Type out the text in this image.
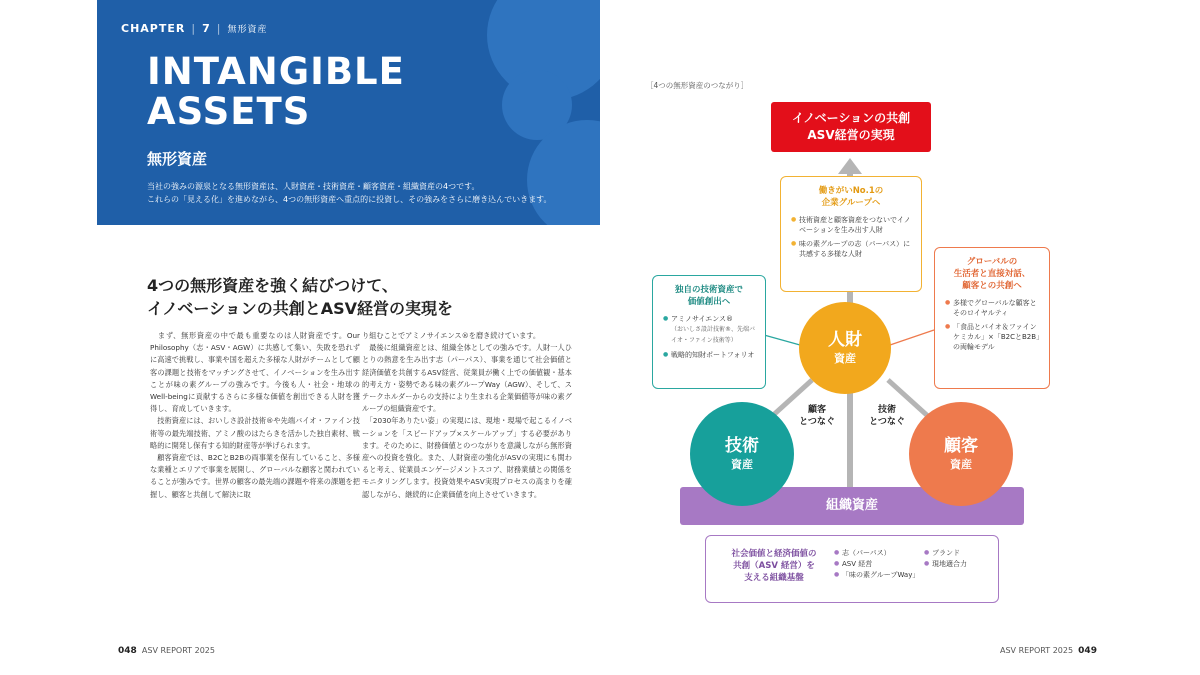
CHAPTER | 7 | 無形資産
INTANGIBLE
ASSETS
無形資産
当社の強みの源泉となる無形資産は、人財資産・技術資産・顧客資産・組織資産の4つです。
これらの「見える化」を進めながら、4つの無形資産へ重点的に投資し、その強みをさらに磨き込んでいきます。
4つの無形資産を強く結びつけて、
イノベーションの共創とASV経営の実現を

　まず、無形資産の中で最も重要なのは人財資産です。Our Philosophy（志・ASV・AGW）に共感して集い、失敗を恐れずに高速で挑戦し、事業や国を超えた多様な人財がチームとして顧客の課題と技術をマッチングさせて、イノベーションを生み出すことが味の素グループの強みです。今後も人・社会・地球のWell-beingに貢献するさらに多様な価値を創出できる人財を獲得し、育成していきます。

　技術資産には、おいしさ設計技術®や先端バイオ・ファイン技術等の最先端技術、アミノ酸のはたらきを活かした独自素材、戦略的に開発し保有する知的財産等が挙げられます。

　顧客資産では、B2CとB2Bの両事業を保有していること、多様な業種とエリアで事業を展開し、グローバルな顧客と関われていることが強みです。世界の顧客の最先端の課題や将来の課題を把握し、顧客と共創して解決に取

り組むことでアミノサイエンス®を磨き続けています。

　最後に組織資産とは、組織全体としての強みです。人財一人ひとりの熱意を生み出す志（パーパス）、事業を通じて社会価値と経済価値を共創するASV経営、従業員が働く上での価値観・基本的考え方・姿勢である味の素グループWay（AGW）、そして、ステークホルダーからの支持により生まれる企業価値等が味の素グループの組織資産です。

　「2030年ありたい姿」の実現には、現地・現場で起こるイノベーションを「スピードアップ×スケールアップ」する必要があります。そのために、財務価値とのつながりを意識しながら無形資産への投資を強化。また、人財資産の強化がASVの実現にも関わると考え、従業員エンゲージメントスコア、財務業績との関係をモニタリングします。投資効果やASV実現プロセスの高まりを確認しながら、継続的に企業価値を向上させていきます。

048 ASV REPORT 2025
［4つの無形資産のつながり］
イノベーションの共創
ASV経営の実現
働きがいNo.1の
企業グループへ
● 技術資産と顧客資産をつないでイノベーションを生み出す人財
● 味の素グループの志（パーパス）に共感する多様な人財
独自の技術資産で
価値創出へ
● アミノサイエンス®
（おいしさ設計技術®、先端バイオ・ファイン技術等）
● 戦略的知財ポートフォリオ
グローバルの
生活者と直接対話、
顧客との共創へ
● 多様でグローバルな顧客とそのロイヤルティ
● 「食品とバイオ＆ファインケミカル」×「B2CとB2B」の両輪モデル
組織資産
人財
資産
技術
資産
顧客
資産
顧客
とつなぐ
技術
とつなぐ
社会価値と経済価値の
共創（ASV 経営）を
支える組織基盤
● 志（パーパス）
● ASV 経営
● 「味の素グループWay」
● ブランド
● 現地適合力
ASV REPORT 2025 049
